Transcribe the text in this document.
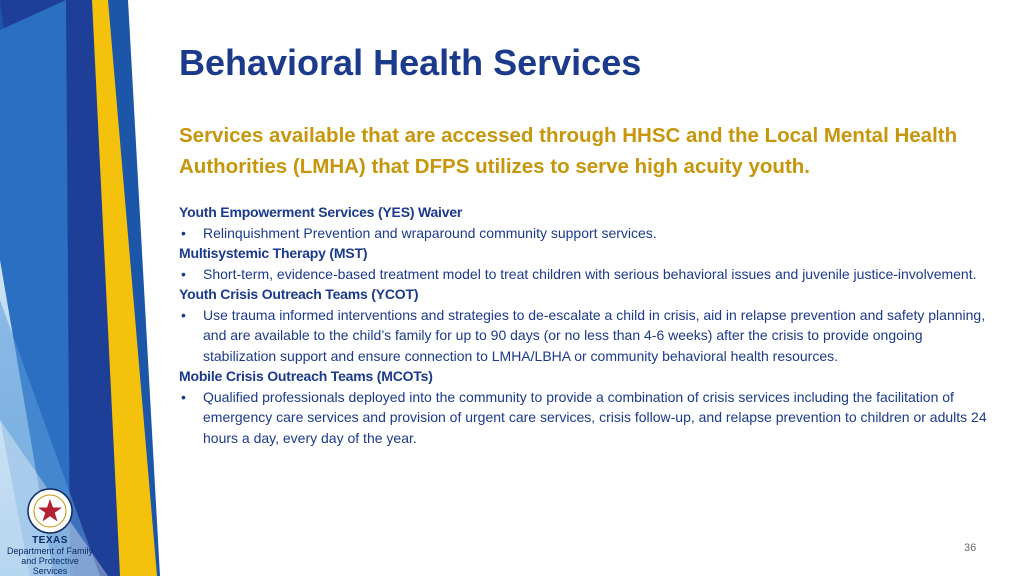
TEXAS
Department of Family
and Protective Services
Behavioral Health Services

Services available that are accessed through HHSC and the Local Mental Health Authorities (LMHA) that DFPS utilizes to serve high acuity youth.

Youth Empowerment Services (YES) Waiver
• Relinquishment Prevention and wraparound community support services.
Multisystemic Therapy (MST)
• Short-term, evidence-based treatment model to treat children with serious behavioral issues and juvenile justice-involvement.
Youth Crisis Outreach Teams (YCOT)
• Use trauma informed interventions and strategies to de-escalate a child in crisis, aid in relapse prevention and safety planning, and are available to the child’s family for up to 90 days (or no less than 4-6 weeks) after the crisis to provide ongoing stabilization support and ensure connection to LMHA/LBHA or community behavioral health resources.
Mobile Crisis Outreach Teams (MCOTs)
• Qualified professionals deployed into the community to provide a combination of crisis services including the facilitation of emergency care services and provision of urgent care services, crisis follow-up, and relapse prevention to children or adults 24 hours a day, every day of the year.
36
